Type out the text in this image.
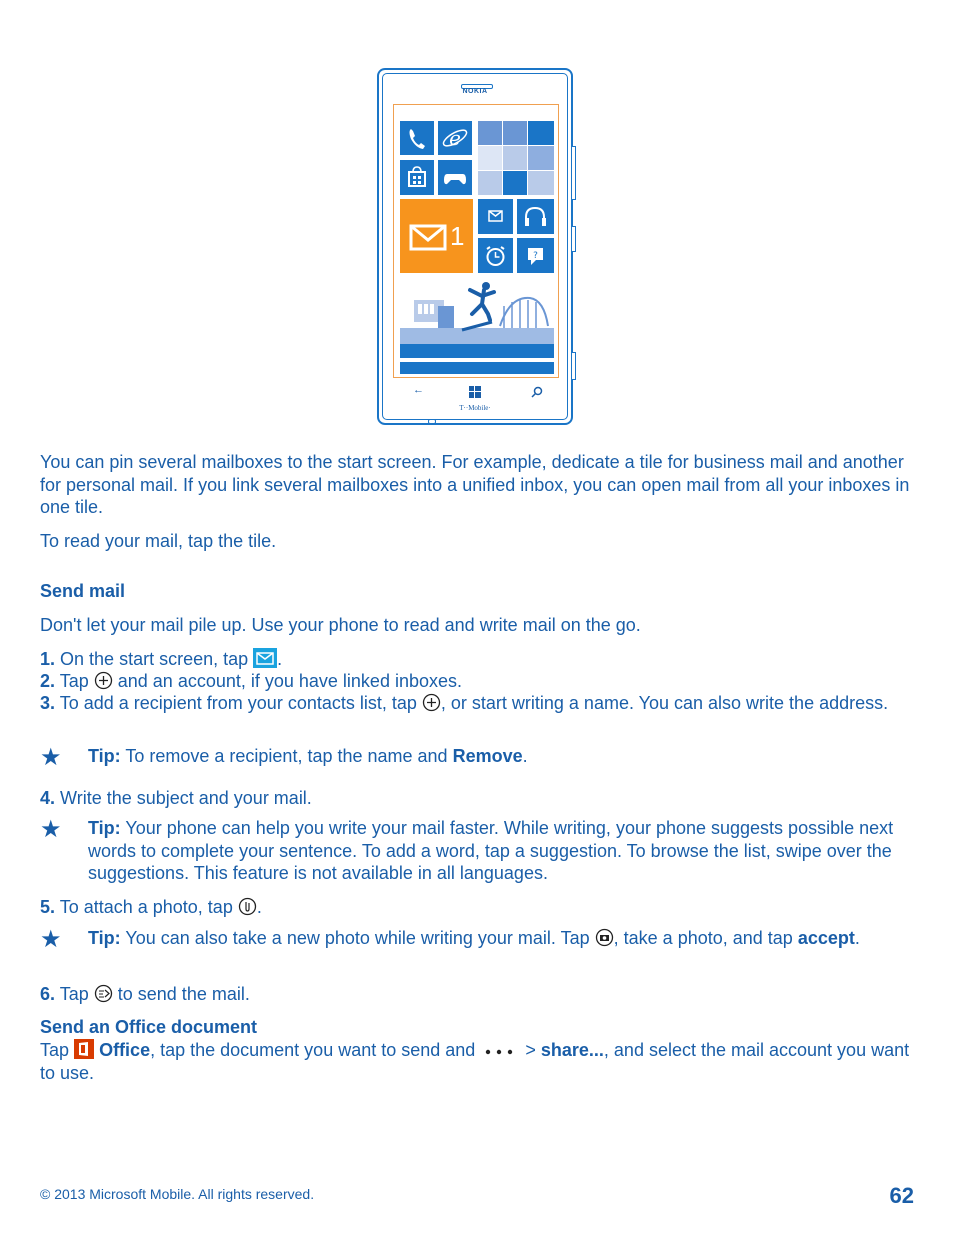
NOKIA
e
1
?
←
T··Mobile·

You can pin several mailboxes to the start screen. For example, dedicate a tile for business mail and another for personal mail. If you link several mailboxes into a unified inbox, you can open mail from all your inboxes in one tile.

To read your mail, tap the tile.

Send mail
Don't let your mail pile up. Use your phone to read and write mail on the go.
1. On the start screen, tap .
2. Tap and an account, if you have linked inboxes.
3. To add a recipient from your contacts list, tap , or start writing a name. You can also write the address.
★ Tip: To remove a recipient, tap the name and Remove.
4. Write the subject and your mail.
★ Tip: Your phone can help you write your mail faster. While writing, your phone suggests possible next words to complete your sentence. To add a word, tap a suggestion. To browse the list, swipe over the suggestions. This feature is not available in all languages.
5. To attach a photo, tap .
★ Tip: You can also take a new photo while writing your mail. Tap , take a photo, and tap accept.
6. Tap to send the mail.
Send an Office document
Tap Office, tap the document you want to send and	> share..., and select the mail account you want to use.
© 2013 Microsoft Mobile. All rights reserved.	62
